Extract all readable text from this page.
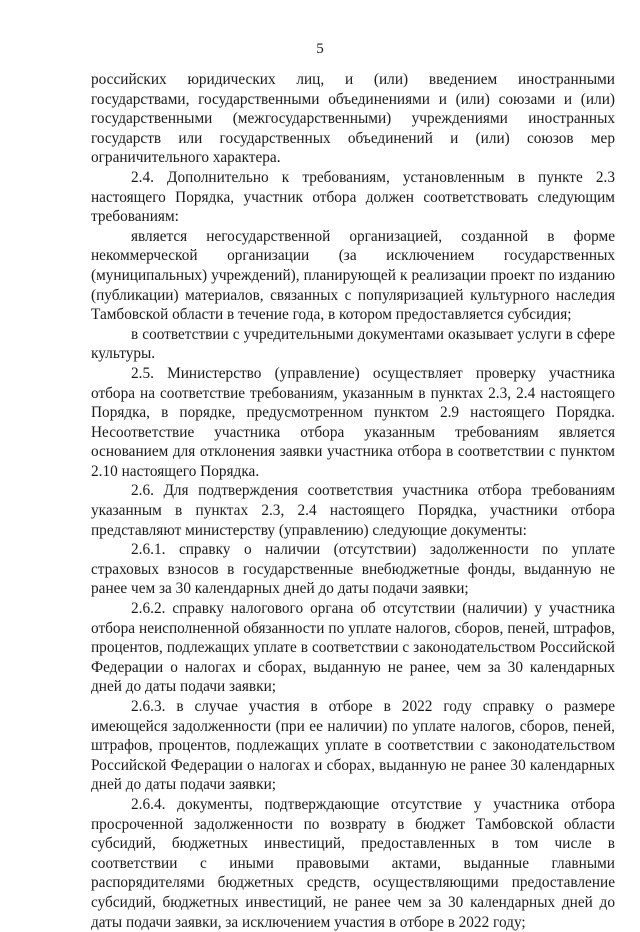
5

российских юридических лиц, и (или) введением иностранными государствами, государственными объединениями и (или) союзами и (или) государственными (межгосударственными) учреждениями иностранных государств или государственных объединений и (или) союзов мер ограничительного характера.

2.4. Дополнительно к требованиям, установленным в пункте 2.3 настоящего Порядка, участник отбора должен соответствовать следующим требованиям:

является негосударственной организацией, созданной в форме некоммерческой организации (за исключением государственных (муниципальных) учреждений), планирующей к реализации проект по изданию (публикации) материалов, связанных с популяризацией культурного наследия Тамбовской области в течение года, в котором предоставляется субсидия;

в соответствии с учредительными документами оказывает услуги в сфере культуры.

2.5. Министерство (управление) осуществляет проверку участника отбора на соответствие требованиям, указанным в пунктах 2.3, 2.4 настоящего Порядка, в порядке, предусмотренном пунктом 2.9 настоящего Порядка. Несоответствие участника отбора указанным требованиям является основанием для отклонения заявки участника отбора в соответствии с пунктом 2.10 настоящего Порядка.

2.6. Для подтверждения соответствия участника отбора требованиям указанным в пунктах 2.3, 2.4 настоящего Порядка, участники отбора представляют министерству (управлению) следующие документы:

2.6.1. справку о наличии (отсутствии) задолженности по уплате страховых взносов в государственные внебюджетные фонды, выданную не ранее чем за 30 календарных дней до даты подачи заявки;

2.6.2. справку налогового органа об отсутствии (наличии) у участника отбора неисполненной обязанности по уплате налогов, сборов, пеней, штрафов, процентов, подлежащих уплате в соответствии с законодательством Российской Федерации о налогах и сборах, выданную не ранее, чем за 30 календарных дней до даты подачи заявки;

2.6.3. в случае участия в отборе в 2022 году справку о размере имеющейся задолженности (при ее наличии) по уплате налогов, сборов, пеней, штрафов, процентов, подлежащих уплате в соответствии с законодательством Российской Федерации о налогах и сборах, выданную не ранее 30 календарных дней до даты подачи заявки;

2.6.4. документы, подтверждающие отсутствие у участника отбора просроченной задолженности по возврату в бюджет Тамбовской области субсидий, бюджетных инвестиций, предоставленных в том числе в соответствии с иными правовыми актами, выданные главными распорядителями бюджетных средств, осуществляющими предоставление субсидий, бюджетных инвестиций, не ранее чем за 30 календарных дней до даты подачи заявки, за исключением участия в отборе в 2022 году;
